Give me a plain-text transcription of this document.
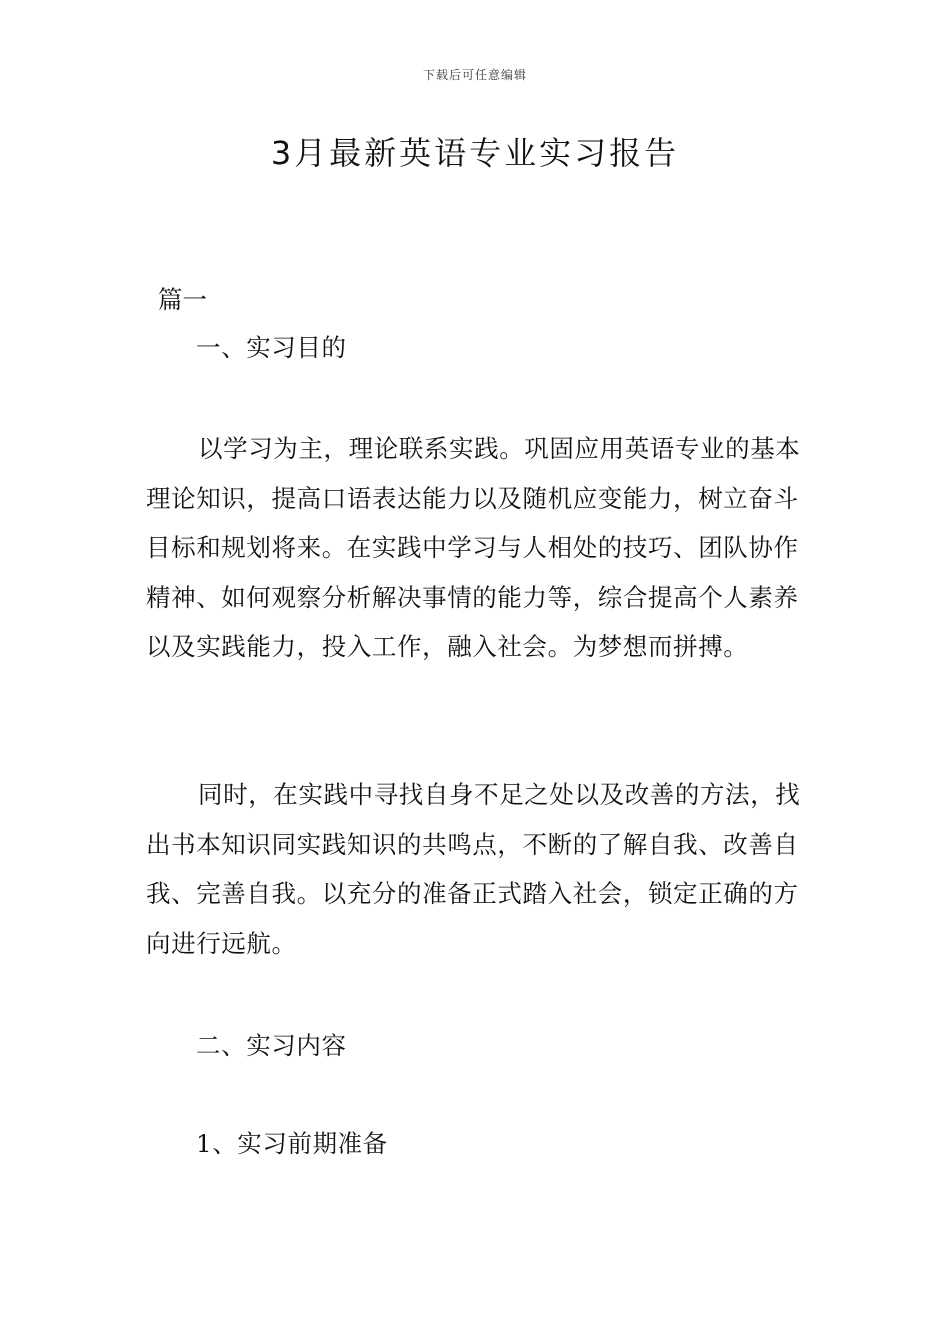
下载后可任意编辑
3月最新英语专业实习报告
篇一
一、实习目的

以学习为主，理论联系实践。巩固应用英语专业的基本理论知识，提高口语表达能力以及随机应变能力，树立奋斗目标和规划将来。在实践中学习与人相处的技巧、团队协作精神、如何观察分析解决事情的能力等，综合提高个人素养以及实践能力，投入工作，融入社会。为梦想而拼搏。

同时，在实践中寻找自身不足之处以及改善的方法，找出书本知识同实践知识的共鸣点，不断的了解自我、改善自我、完善自我。以充分的准备正式踏入社会，锁定正确的方向进行远航。

二、实习内容
1、实习前期准备
